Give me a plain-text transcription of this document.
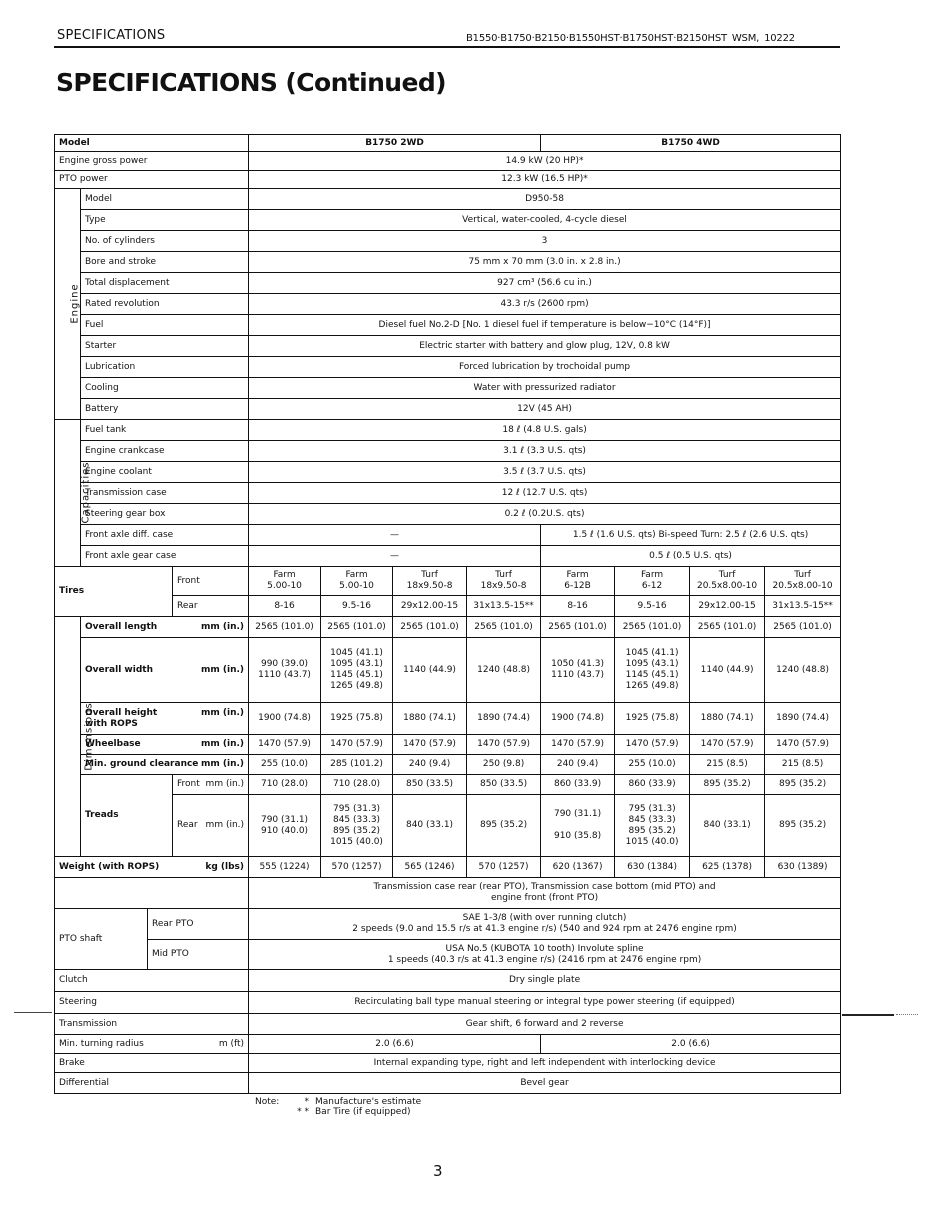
SPECIFICATIONS	B1550·B1750·B2150·B1550HST·B1750HST·B2150HST WSM, 10222
SPECIFICATIONS (Continued)
Model	B1750 2WD	B1750 4WD
Engine gross power	14.9 kW (20 HP)*
PTO power	12.3 kW (16.5 HP)*
Engine	Model	D950-58
Type	Vertical, water-cooled, 4-cycle diesel
No. of cylinders	3
Bore and stroke	75 mm x 70 mm (3.0 in. x 2.8 in.)
Total displacement	927 cm³ (56.6 cu in.)
Rated revolution	43.3 r/s (2600 rpm)
Fuel	Diesel fuel No.2-D [No. 1 diesel fuel if temperature is below−10°C (14°F)]
Starter	Electric starter with battery and glow plug, 12V, 0.8 kW
Lubrication	Forced lubrication by trochoidal pump
Cooling	Water with pressurized radiator
Battery	12V (45 AH)
Capacities	Fuel tank	18 ℓ (4.8 U.S. gals)
Engine crankcase	3.1 ℓ (3.3 U.S. qts)
Engine coolant	3.5 ℓ (3.7 U.S. qts)
Transmission case	12 ℓ (12.7 U.S. qts)
Steering gear box	0.2 ℓ (0.2U.S. qts)
Front axle diff. case	—	1.5 ℓ (1.6 U.S. qts) Bi-speed Turn: 2.5 ℓ (2.6 U.S. qts)
Front axle gear case	—	0.5 ℓ (0.5 U.S. qts)
Tires	Front	
Farm
5.00-10

Farm
5.00-10

Turf
18x9.50-8

Turf
18x9.50-8

Farm
6-12B

Farm
6-12

Turf
20.5x8.00-10

Turf
20.5x8.00-10

Rear	8-16	9.5-16	29x12.00-15	31x13.5-15**	8-16	9.5-16	29x12.00-15	31x13.5-15**
Dimensions	
mm (in.)
Overall length	2565 (101.0)	2565 (101.0)	2565 (101.0)	2565 (101.0)	2565 (101.0)	2565 (101.0)	2565 (101.0)	2565 (101.0)

mm (in.)
Overall width	
990 (39.0)
1110 (43.7)

1045 (41.1)
1095 (43.1)
1145 (45.1)
1265 (49.8)

1140 (44.9)	1240 (48.8)

1050 (41.3)
1110 (43.7)

1045 (41.1)
1095 (43.1)
1145 (45.1)
1265 (49.8)

1140 (44.9)	1240 (48.8)

mm (in.)
Overall height
with ROPS
	1900 (74.8)	1925 (75.8)	1880 (74.1)	1890 (74.4)	1900 (74.8)	1925 (75.8)	1880 (74.1)	1890 (74.4)

mm (in.)
Wheelbase	1470 (57.9)	1470 (57.9)	1470 (57.9)	1470 (57.9)	1470 (57.9)	1470 (57.9)	1470 (57.9)	1470 (57.9)

mm (in.)
Min. ground clearance	255 (10.0)	285 (101.2)	240 (9.4)	250 (9.8)	240 (9.4)	255 (10.0)	215 (8.5)	215 (8.5)
Treads	
mm (in.)
Front	710 (28.0)	710 (28.0)	850 (33.5)	850 (33.5)	860 (33.9)	860 (33.9)	895 (35.2)	895 (35.2)

mm (in.)
Rear	
790 (31.1)
910 (40.0)

795 (31.3)
845 (33.3)
895 (35.2)
1015 (40.0)

840 (33.1)	895 (35.2)

790 (31.1)
910 (35.8)

795 (31.3)
845 (33.3)
895 (35.2)
1015 (40.0)

840 (33.1)	895 (35.2)

kg (lbs)
Weight (with ROPS)	555 (1224)	570 (1257)	565 (1246)	570 (1257)	620 (1367)	630 (1384)	625 (1378)	630 (1389)

Transmission case rear (rear PTO), Transmission case bottom (mid PTO) and
engine front (front PTO)

PTO shaft	Rear PTO	
SAE 1-3/8 (with over running clutch)
2 speeds (9.0 and 15.5 r/s at 41.3 engine r/s) (540 and 924 rpm at 2476 engine rpm)

Mid PTO	
USA No.5 (KUBOTA 10 tooth) Involute spline
1 speeds (40.3 r/s at 41.3 engine r/s) (2416 rpm at 2476 engine rpm)

Clutch	Dry single plate
Steering	Recirculating ball type manual steering or integral type power steering (if equipped)
Transmission	Gear shift, 6 forward and 2 reverse

m (ft)
Min. turning radius	2.0 (6.6)	2.0 (6.6)
Brake	Internal expanding type, right and left independent with interlocking device
Differential	Bevel gear
Note:	* Manufacture's estimate
* * Bar Tire (if equipped)
3
